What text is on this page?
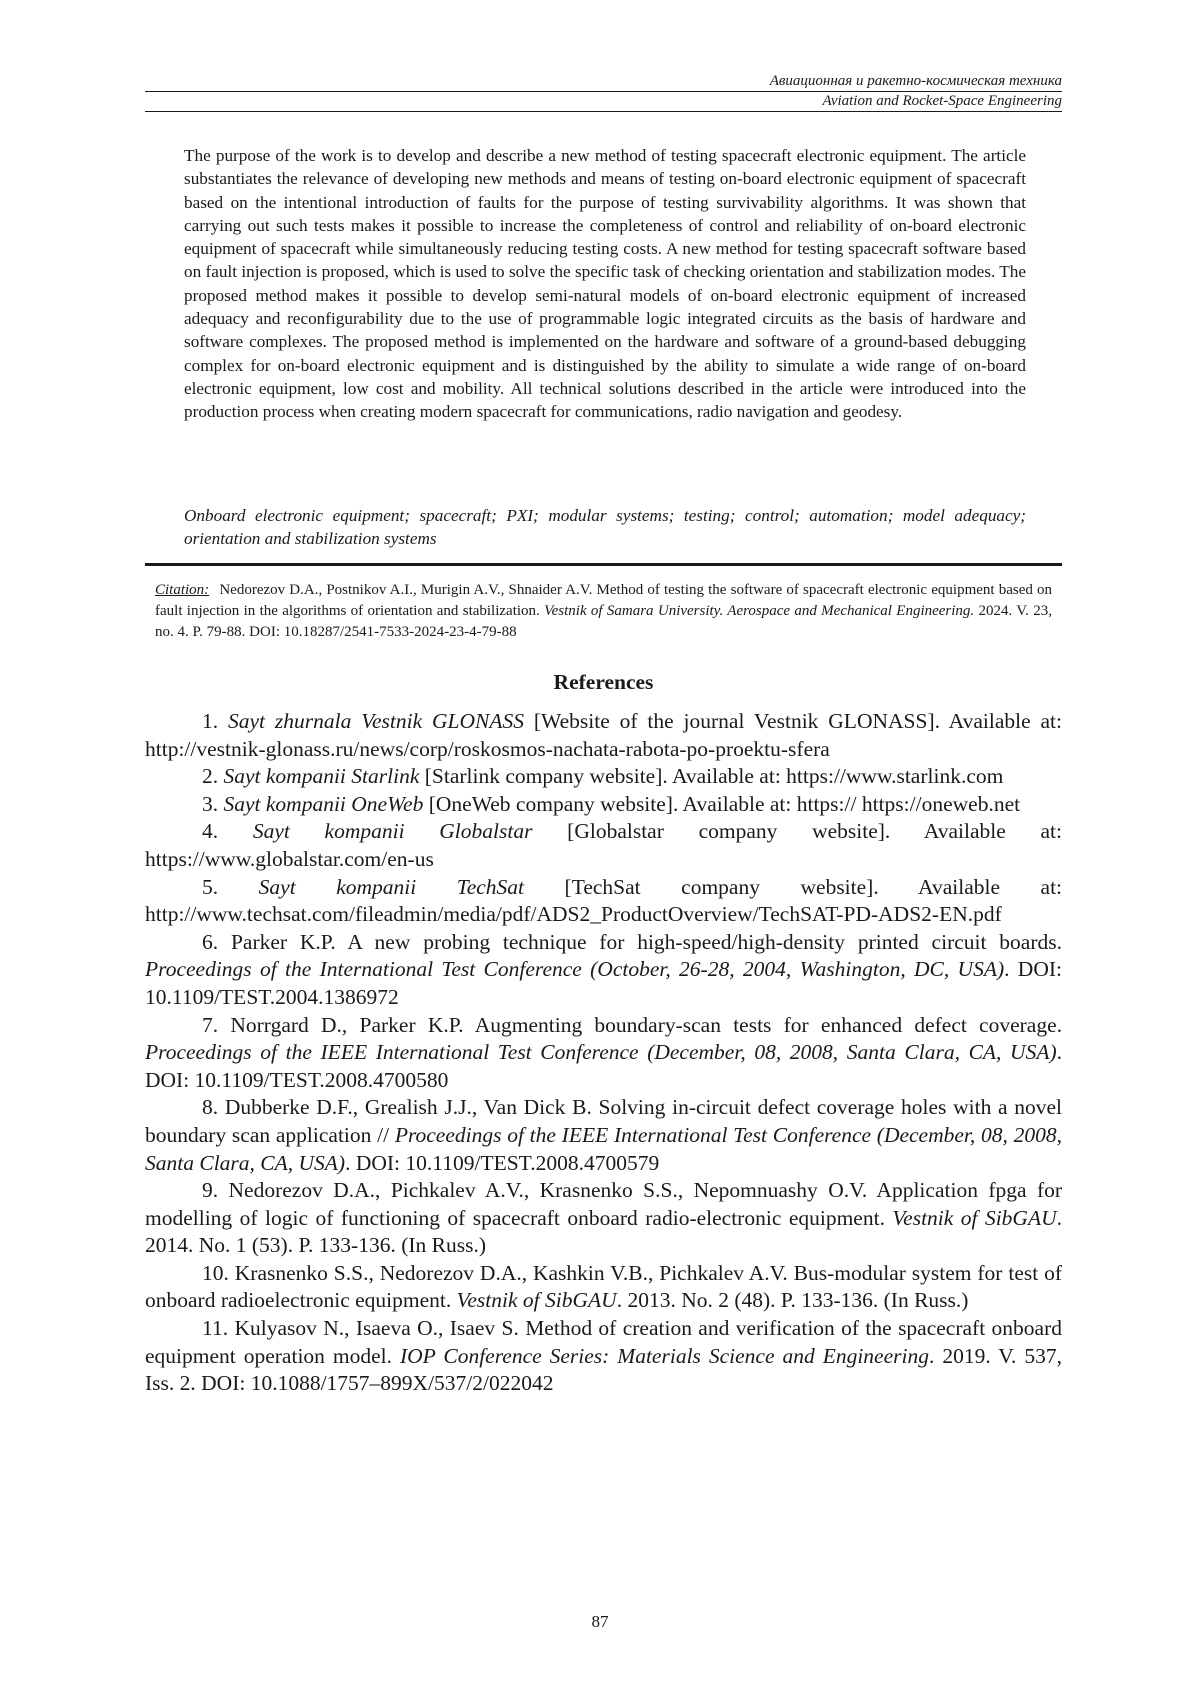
Авиационная и ракетно-космическая техника
Aviation and Rocket-Space Engineering

The purpose of the work is to develop and describe a new method of testing spacecraft electronic equipment. The article substantiates the relevance of developing new methods and means of testing on-board electronic equipment of spacecraft based on the intentional introduction of faults for the purpose of testing survivability algorithms. It was shown that carrying out such tests makes it possible to increase the completeness of control and reliability of on-board electronic equipment of spacecraft while simultaneously reducing testing costs. A new method for testing spacecraft software based on fault injection is proposed, which is used to solve the specific task of checking orientation and stabilization modes. The proposed method makes it possible to develop semi-natural models of on-board electronic equipment of increased adequacy and reconfigurability due to the use of programmable logic integrated circuits as the basis of hardware and software complexes. The proposed method is implemented on the hardware and software of a ground-based debugging complex for on-board electronic equipment and is distinguished by the ability to simulate a wide range of on-board electronic equipment, low cost and mobility. All technical solutions described in the article were introduced into the production process when creating modern spacecraft for communications, radio navigation and geodesy.

Onboard electronic equipment; spacecraft; PXI; modular systems; testing; control; automation; model adequacy; orientation and stabilization systems

Citation: Nedorezov D.A., Postnikov A.I., Murigin A.V., Shnaider A.V. Method of testing the software of spacecraft electronic equipment based on fault injection in the algorithms of orientation and stabilization. Vestnik of Samara University. Aerospace and Mechanical Engineering. 2024. V. 23, no. 4. P. 79-88. DOI: 10.18287/2541-7533-2024-23-4-79-88

References

1. Sayt zhurnala Vestnik GLONASS [Website of the journal Vestnik GLONASS]. Available at: http://vestnik-glonass.ru/news/corp/roskosmos-nachata-rabota-po-proektu-sfera

2. Sayt kompanii Starlink [Starlink company website]. Available at: https://www.starlink.com

3. Sayt kompanii OneWeb [OneWeb company website]. Available at: https:// https://oneweb.net

4. Sayt kompanii Globalstar [Globalstar company website]. Available at: https://www.globalstar.com/en-us

5. Sayt kompanii TechSat [TechSat company website]. Available at: http://www.techsat.com/fileadmin/media/pdf/ADS2_ProductOverview/TechSAT-PD-ADS2-EN.pdf

6. Parker K.P. A new probing technique for high-speed/high-density printed circuit boards. Proceedings of the International Test Conference (October, 26-28, 2004, Washington, DC, USA). DOI: 10.1109/TEST.2004.1386972

7. Norrgard D., Parker K.P. Augmenting boundary-scan tests for enhanced defect coverage. Proceedings of the IEEE International Test Conference (December, 08, 2008, Santa Clara, CA, USA). DOI: 10.1109/TEST.2008.4700580

8. Dubberke D.F., Grealish J.J., Van Dick B. Solving in-circuit defect coverage holes with a novel boundary scan application // Proceedings of the IEEE International Test Conference (December, 08, 2008, Santa Clara, CA, USA). DOI: 10.1109/TEST.2008.4700579

9. Nedorezov D.A., Pichkalev A.V., Krasnenko S.S., Nepomnuashy O.V. Application fpga for modelling of logic of functioning of spacecraft onboard radio-electronic equipment. Vestnik of SibGAU. 2014. No. 1 (53). P. 133-136. (In Russ.)

10. Krasnenko S.S., Nedorezov D.A., Kashkin V.B., Pichkalev A.V. Bus-modular system for test of onboard radioelectronic equipment. Vestnik of SibGAU. 2013. No. 2 (48). P. 133-136. (In Russ.)

11. Kulyasov N., Isaeva O., Isaev S. Method of creation and verification of the spacecraft onboard equipment operation model. IOP Conference Series: Materials Science and Engineering. 2019. V. 537, Iss. 2. DOI: 10.1088/1757–899X/537/2/022042

87
